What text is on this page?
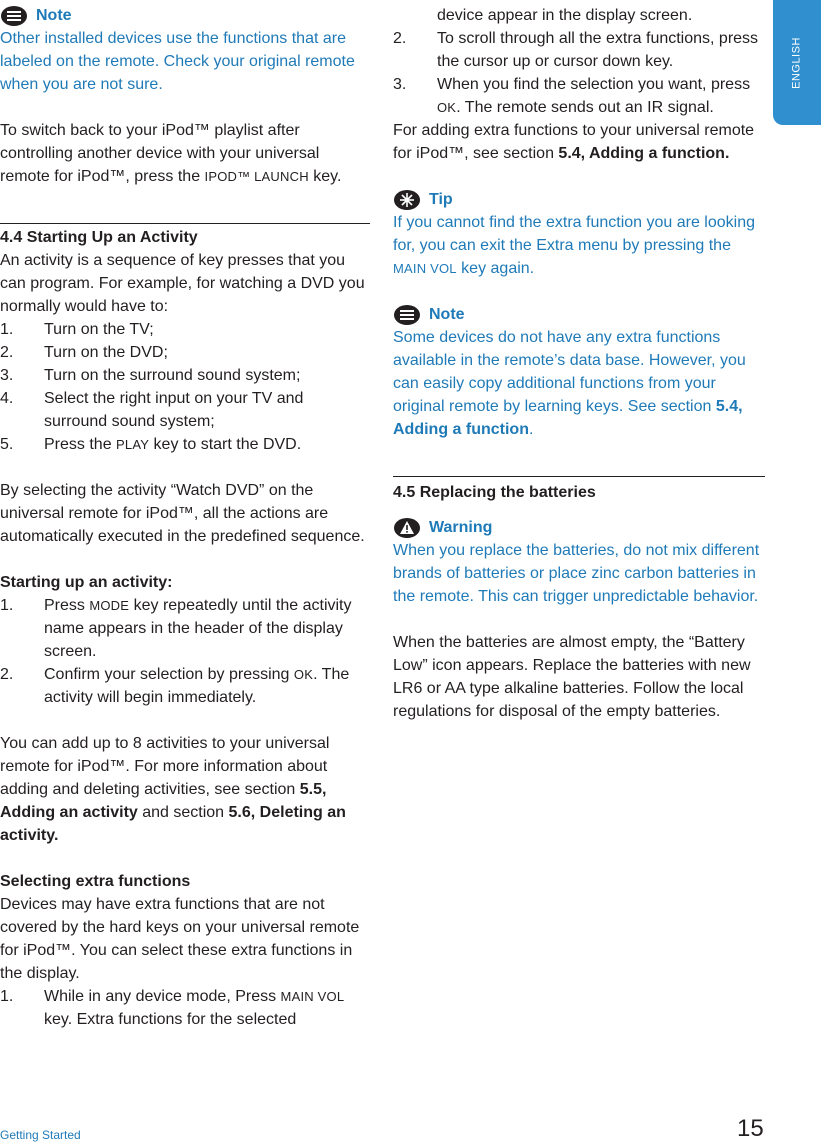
ENGLISH
Note

Other installed devices use the functions that are labeled on the remote. Check your original remote when you are not sure.

To switch back to your iPod™ playlist after controlling another device with your universal remote for iPod™, press the IPOD™ LAUNCH key.

4.4 Starting Up an Activity

An activity is a sequence of key presses that you can program. For example, for watching a DVD you normally would have to:

1.	Turn on the TV;
2.	Turn on the DVD;
3.	Turn on the surround sound system;
4.	Select the right input on your TV and surround sound system;
5.	Press the PLAY key to start the DVD.

By selecting the activity “Watch DVD” on the universal remote for iPod™, all the actions are automatically executed in the predefined sequence.

Starting up an activity:

1.	Press MODE key repeatedly until the activity name appears in the header of the display screen.
2.	Confirm your selection by pressing OK. The activity will begin immediately.

You can add up to 8 activities to your universal remote for iPod™. For more information about adding and deleting activities, see section 5.5, Adding an activity and section 5.6, Deleting an activity.

Selecting extra functions

Devices may have extra functions that are not covered by the hard keys on your universal remote for iPod™. You can select these extra functions in the display.

1.	While in any device mode, Press MAIN VOL key. Extra functions for the selected
device appear in the display screen.
2.	To scroll through all the extra functions, press the cursor up or cursor down key.
3.	When you find the selection you want, press OK. The remote sends out an IR signal.

For adding extra functions to your universal remote for iPod™, see section 5.4, Adding a function.

Tip

If you cannot find the extra function you are looking for, you can exit the Extra menu by pressing the MAIN VOL key again.

Note

Some devices do not have any extra functions available in the remote’s data base. However, you can easily copy additional functions from your original remote by learning keys. See section 5.4, Adding a function.

4.5 Replacing the batteries

Warning

When you replace the batteries, do not mix different brands of batteries or place zinc carbon batteries in the remote. This can trigger unpredictable behavior.

When the batteries are almost empty, the “Battery Low” icon appears. Replace the batteries with new LR6 or AA type alkaline batteries. Follow the local regulations for disposal of the empty batteries.

Getting Started	15
